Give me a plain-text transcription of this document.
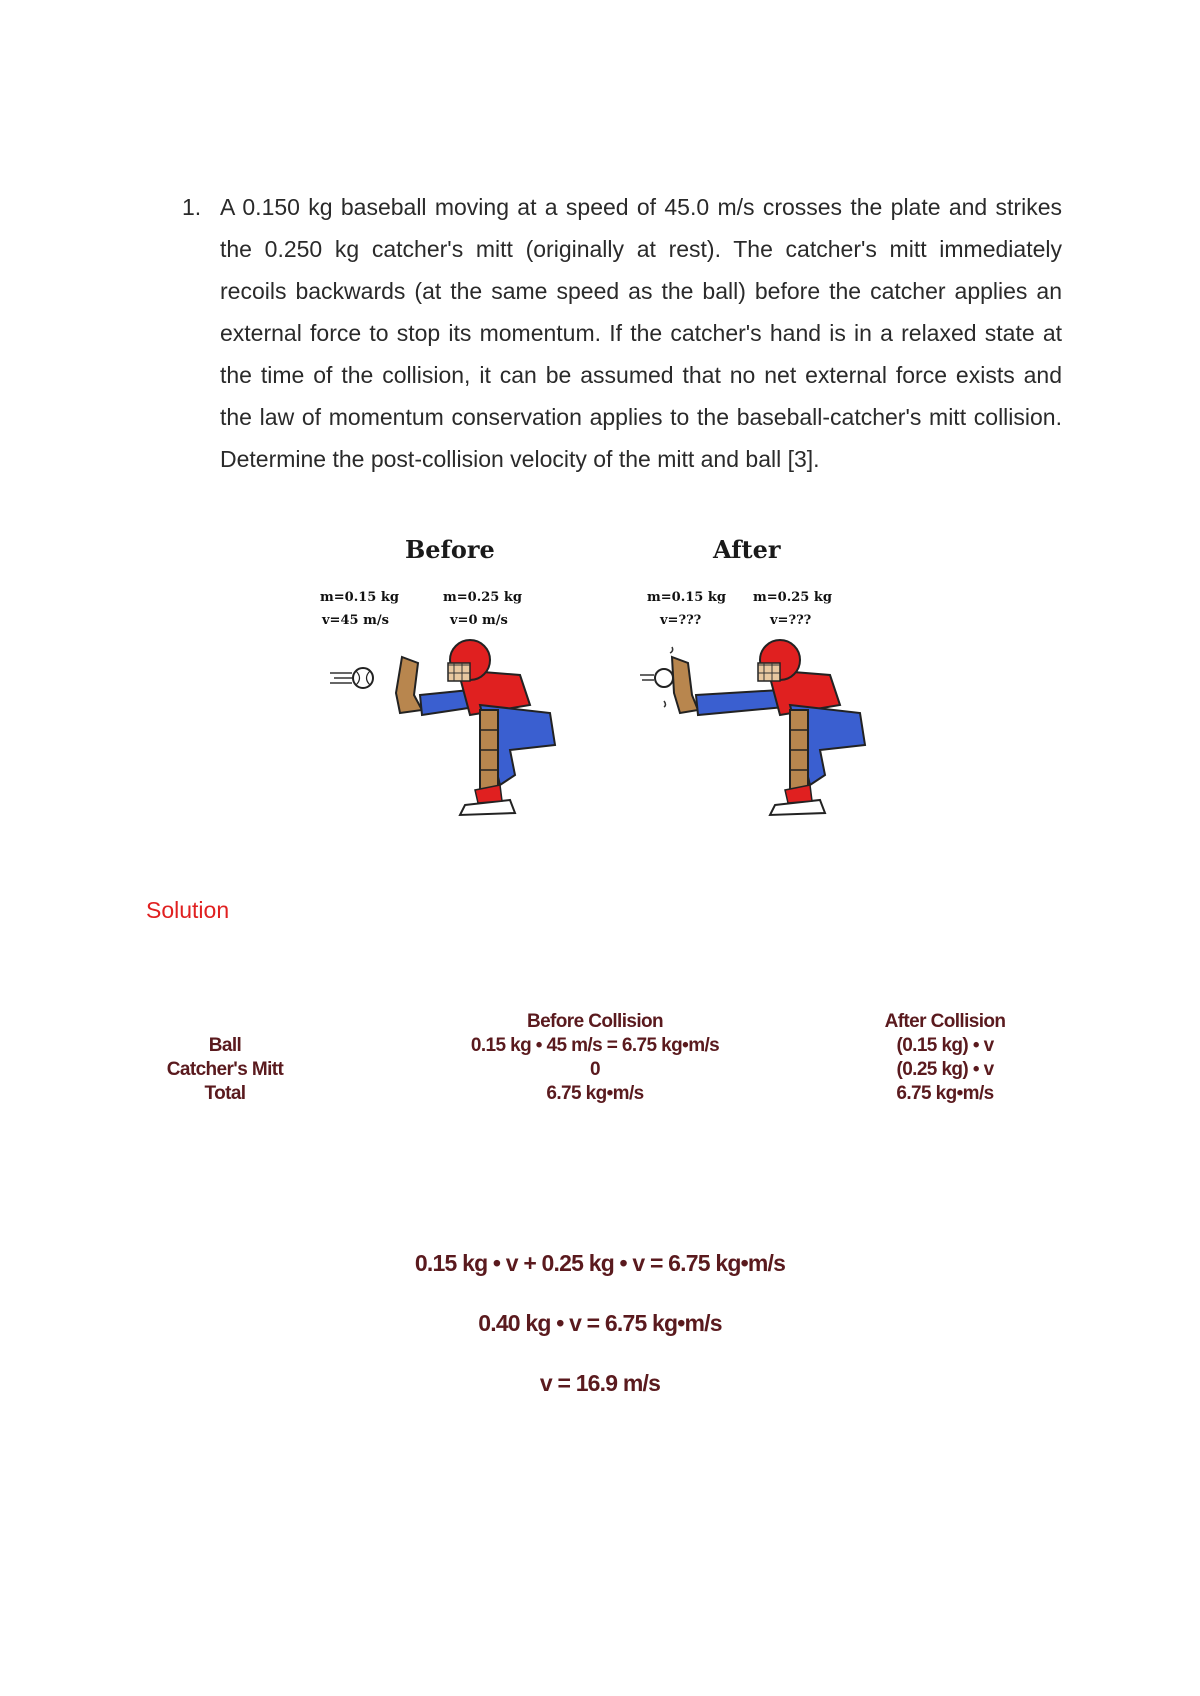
1. A 0.150 kg baseball moving at a speed of 45.0 m/s crosses the plate and strikes the 0.250 kg catcher's mitt (originally at rest). The catcher's mitt immediately recoils backwards (at the same speed as the ball) before the catcher applies an external force to stop its momentum. If the catcher's hand is in a relaxed state at the time of the collision, it can be assumed that no net external force exists and the law of momentum conservation applies to the baseball-catcher's mitt collision. Determine the post-collision velocity of the mitt and ball [3].
Before	After
m=0.15 kg
v=45 m/s
m=0.25 kg
v=0 m/s
m=0.15 kg
v=???
m=0.25 kg
v=???
Solution
Ball
Catcher's Mitt
Total
Before Collision
0.15 kg • 45 m/s = 6.75 kg•m/s
0
6.75 kg•m/s
After Collision
(0.15 kg) • v
(0.25 kg) • v
6.75 kg•m/s
0.15 kg • v + 0.25 kg • v = 6.75 kg•m/s
0.40 kg • v = 6.75 kg•m/s
v = 16.9 m/s
